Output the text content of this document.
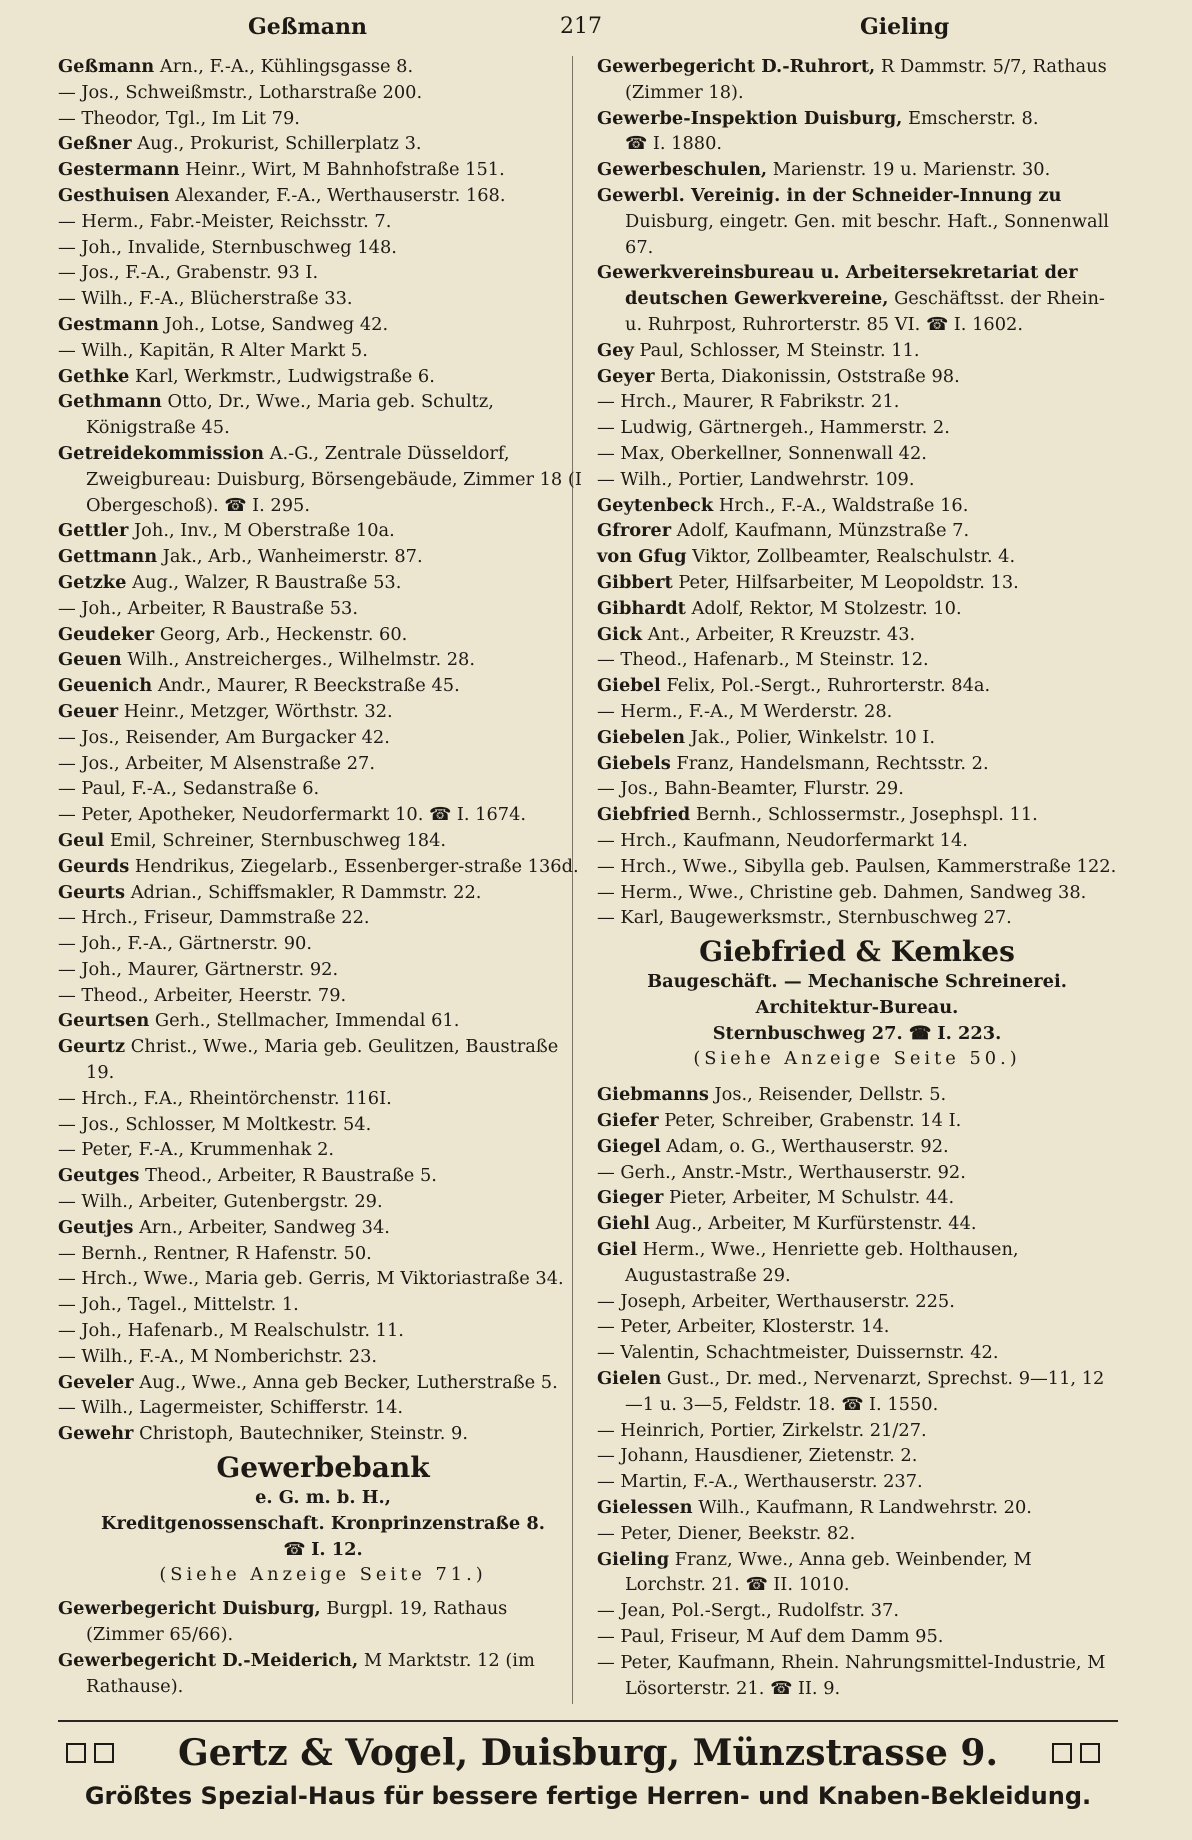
Geßmann	217	Gieling
Geßmann Arn., F.-A., Kühlingsgasse 8.
— Jos., Schweißmstr., Lotharstraße 200.
— Theodor, Tgl., Im Lit 79.
Geßner Aug., Prokurist, Schillerplatz 3.
Gestermann Heinr., Wirt, M Bahnhofstraße 151.
Gesthuisen Alexander, F.-A., Werthauserstr. 168.
— Herm., Fabr.-Meister, Reichsstr. 7.
— Joh., Invalide, Sternbuschweg 148.
— Jos., F.-A., Grabenstr. 93 I.
— Wilh., F.-A., Blücherstraße 33.
Gestmann Joh., Lotse, Sandweg 42.
— Wilh., Kapitän, R Alter Markt 5.
Gethke Karl, Werkmstr., Ludwigstraße 6.
Gethmann Otto, Dr., Wwe., Maria geb. Schultz, Königstraße 45.
Getreidekommission A.-G., Zentrale Düsseldorf, Zweigbureau: Duisburg, Börsengebäude, Zimmer 18 (I Obergeschoß). ☎ I. 295.
Gettler Joh., Inv., M Oberstraße 10a.
Gettmann Jak., Arb., Wanheimerstr. 87.
Getzke Aug., Walzer, R Baustraße 53.
— Joh., Arbeiter, R Baustraße 53.
Geudeker Georg, Arb., Heckenstr. 60.
Geuen Wilh., Anstreicherges., Wilhelmstr. 28.
Geuenich Andr., Maurer, R Beeckstraße 45.
Geuer Heinr., Metzger, Wörthstr. 32.
— Jos., Reisender, Am Burgacker 42.
— Jos., Arbeiter, M Alsenstraße 27.
— Paul, F.-A., Sedanstraße 6.
— Peter, Apotheker, Neudorfermarkt 10. ☎ I. 1674.
Geul Emil, Schreiner, Sternbuschweg 184.
Geurds Hendrikus, Ziegelarb., Essenberger-straße 136d.
Geurts Adrian., Schiffsmakler, R Dammstr. 22.
— Hrch., Friseur, Dammstraße 22.
— Joh., F.-A., Gärtnerstr. 90.
— Joh., Maurer, Gärtnerstr. 92.
— Theod., Arbeiter, Heerstr. 79.
Geurtsen Gerh., Stellmacher, Immendal 61.
Geurtz Christ., Wwe., Maria geb. Geulitzen, Baustraße 19.
— Hrch., F.A., Rheintörchenstr. 116I.
— Jos., Schlosser, M Moltkestr. 54.
— Peter, F.-A., Krummenhak 2.
Geutges Theod., Arbeiter, R Baustraße 5.
— Wilh., Arbeiter, Gutenbergstr. 29.
Geutjes Arn., Arbeiter, Sandweg 34.
— Bernh., Rentner, R Hafenstr. 50.
— Hrch., Wwe., Maria geb. Gerris, M Viktoriastraße 34.
— Joh., Tagel., Mittelstr. 1.
— Joh., Hafenarb., M Realschulstr. 11.
— Wilh., F.-A., M Nomberichstr. 23.
Geveler Aug., Wwe., Anna geb Becker, Lutherstraße 5.
— Wilh., Lagermeister, Schifferstr. 14.
Gewehr Christoph, Bautechniker, Steinstr. 9.
Gewerbebank
e. G. m. b. H.,
Kreditgenossenschaft. Kronprinzenstraße 8.
☎ I. 12.
(Siehe Anzeige Seite 71.)
Gewerbegericht Duisburg, Burgpl. 19, Rathaus (Zimmer 65/66).
Gewerbegericht D.-Meiderich, M Marktstr. 12 (im Rathause).
Gewerbegericht D.-Ruhrort, R Dammstr. 5/7, Rathaus (Zimmer 18).
Gewerbe-Inspektion Duisburg, Emscherstr. 8. ☎ I. 1880.
Gewerbeschulen, Marienstr. 19 u. Marienstr. 30.
Gewerbl. Vereinig. in der Schneider-Innung zu Duisburg, eingetr. Gen. mit beschr. Haft., Sonnenwall 67.
Gewerkvereinsbureau u. Arbeitersekretariat der deutschen Gewerkvereine, Geschäftsst. der Rhein- u. Ruhrpost, Ruhrorterstr. 85 VI. ☎ I. 1602.
Gey Paul, Schlosser, M Steinstr. 11.
Geyer Berta, Diakonissin, Oststraße 98.
— Hrch., Maurer, R Fabrikstr. 21.
— Ludwig, Gärtnergeh., Hammerstr. 2.
— Max, Oberkellner, Sonnenwall 42.
— Wilh., Portier, Landwehrstr. 109.
Geytenbeck Hrch., F.-A., Waldstraße 16.
Gfrorer Adolf, Kaufmann, Münzstraße 7.
von Gfug Viktor, Zollbeamter, Realschulstr. 4.
Gibbert Peter, Hilfsarbeiter, M Leopoldstr. 13.
Gibhardt Adolf, Rektor, M Stolzestr. 10.
Gick Ant., Arbeiter, R Kreuzstr. 43.
— Theod., Hafenarb., M Steinstr. 12.
Giebel Felix, Pol.-Sergt., Ruhrorterstr. 84a.
— Herm., F.-A., M Werderstr. 28.
Giebelen Jak., Polier, Winkelstr. 10 I.
Giebels Franz, Handelsmann, Rechtsstr. 2.
— Jos., Bahn-Beamter, Flurstr. 29.
Giebfried Bernh., Schlossermstr., Josephspl. 11.
— Hrch., Kaufmann, Neudorfermarkt 14.
— Hrch., Wwe., Sibylla geb. Paulsen, Kammerstraße 122.
— Herm., Wwe., Christine geb. Dahmen, Sandweg 38.
— Karl, Baugewerksmstr., Sternbuschweg 27.
Giebfried & Kemkes
Baugeschäft. — Mechanische Schreinerei.
Architektur-Bureau.
Sternbuschweg 27. ☎ I. 223.
(Siehe Anzeige Seite 50.)
Giebmanns Jos., Reisender, Dellstr. 5.
Giefer Peter, Schreiber, Grabenstr. 14 I.
Giegel Adam, o. G., Werthauserstr. 92.
— Gerh., Anstr.-Mstr., Werthauserstr. 92.
Gieger Pieter, Arbeiter, M Schulstr. 44.
Giehl Aug., Arbeiter, M Kurfürstenstr. 44.
Giel Herm., Wwe., Henriette geb. Holthausen, Augustastraße 29.
— Joseph, Arbeiter, Werthauserstr. 225.
— Peter, Arbeiter, Klosterstr. 14.
— Valentin, Schachtmeister, Duissernstr. 42.
Gielen Gust., Dr. med., Nervenarzt, Sprechst. 9—11, 12—1 u. 3—5, Feldstr. 18. ☎ I. 1550.
— Heinrich, Portier, Zirkelstr. 21/27.
— Johann, Hausdiener, Zietenstr. 2.
— Martin, F.-A., Werthauserstr. 237.
Gielessen Wilh., Kaufmann, R Landwehrstr. 20.
— Peter, Diener, Beekstr. 82.
Gieling Franz, Wwe., Anna geb. Weinbender, M Lorchstr. 21. ☎ II. 1010.
— Jean, Pol.-Sergt., Rudolfstr. 37.
— Paul, Friseur, M Auf dem Damm 95.
— Peter, Kaufmann, Rhein. Nahrungsmittel-Industrie, M Lösorterstr. 21. ☎ II. 9.
Gertz & Vogel, Duisburg, Münzstrasse 9.
Größtes Spezial-Haus für bessere fertige Herren- und Knaben-Bekleidung.
